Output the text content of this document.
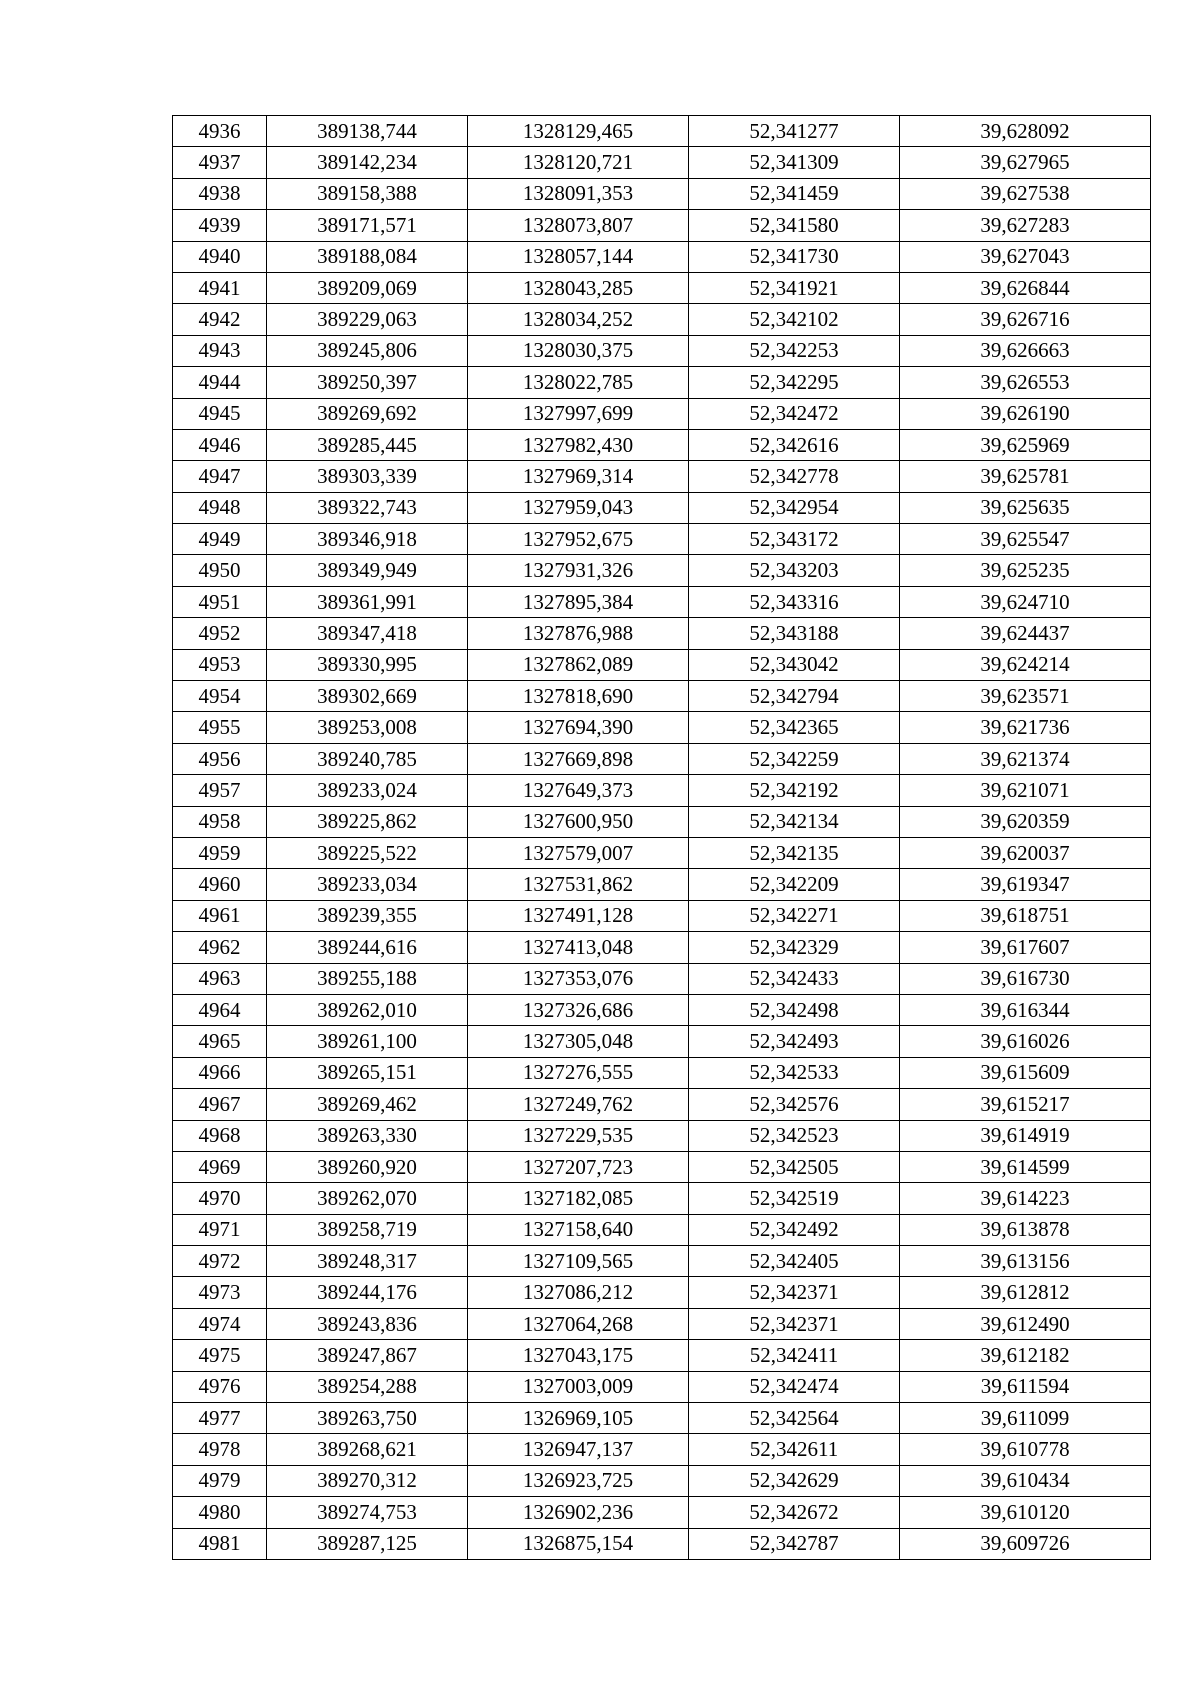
4936	389138,744	1328129,465	52,341277	39,628092
4937	389142,234	1328120,721	52,341309	39,627965
4938	389158,388	1328091,353	52,341459	39,627538
4939	389171,571	1328073,807	52,341580	39,627283
4940	389188,084	1328057,144	52,341730	39,627043
4941	389209,069	1328043,285	52,341921	39,626844
4942	389229,063	1328034,252	52,342102	39,626716
4943	389245,806	1328030,375	52,342253	39,626663
4944	389250,397	1328022,785	52,342295	39,626553
4945	389269,692	1327997,699	52,342472	39,626190
4946	389285,445	1327982,430	52,342616	39,625969
4947	389303,339	1327969,314	52,342778	39,625781
4948	389322,743	1327959,043	52,342954	39,625635
4949	389346,918	1327952,675	52,343172	39,625547
4950	389349,949	1327931,326	52,343203	39,625235
4951	389361,991	1327895,384	52,343316	39,624710
4952	389347,418	1327876,988	52,343188	39,624437
4953	389330,995	1327862,089	52,343042	39,624214
4954	389302,669	1327818,690	52,342794	39,623571
4955	389253,008	1327694,390	52,342365	39,621736
4956	389240,785	1327669,898	52,342259	39,621374
4957	389233,024	1327649,373	52,342192	39,621071
4958	389225,862	1327600,950	52,342134	39,620359
4959	389225,522	1327579,007	52,342135	39,620037
4960	389233,034	1327531,862	52,342209	39,619347
4961	389239,355	1327491,128	52,342271	39,618751
4962	389244,616	1327413,048	52,342329	39,617607
4963	389255,188	1327353,076	52,342433	39,616730
4964	389262,010	1327326,686	52,342498	39,616344
4965	389261,100	1327305,048	52,342493	39,616026
4966	389265,151	1327276,555	52,342533	39,615609
4967	389269,462	1327249,762	52,342576	39,615217
4968	389263,330	1327229,535	52,342523	39,614919
4969	389260,920	1327207,723	52,342505	39,614599
4970	389262,070	1327182,085	52,342519	39,614223
4971	389258,719	1327158,640	52,342492	39,613878
4972	389248,317	1327109,565	52,342405	39,613156
4973	389244,176	1327086,212	52,342371	39,612812
4974	389243,836	1327064,268	52,342371	39,612490
4975	389247,867	1327043,175	52,342411	39,612182
4976	389254,288	1327003,009	52,342474	39,611594
4977	389263,750	1326969,105	52,342564	39,611099
4978	389268,621	1326947,137	52,342611	39,610778
4979	389270,312	1326923,725	52,342629	39,610434
4980	389274,753	1326902,236	52,342672	39,610120
4981	389287,125	1326875,154	52,342787	39,609726
